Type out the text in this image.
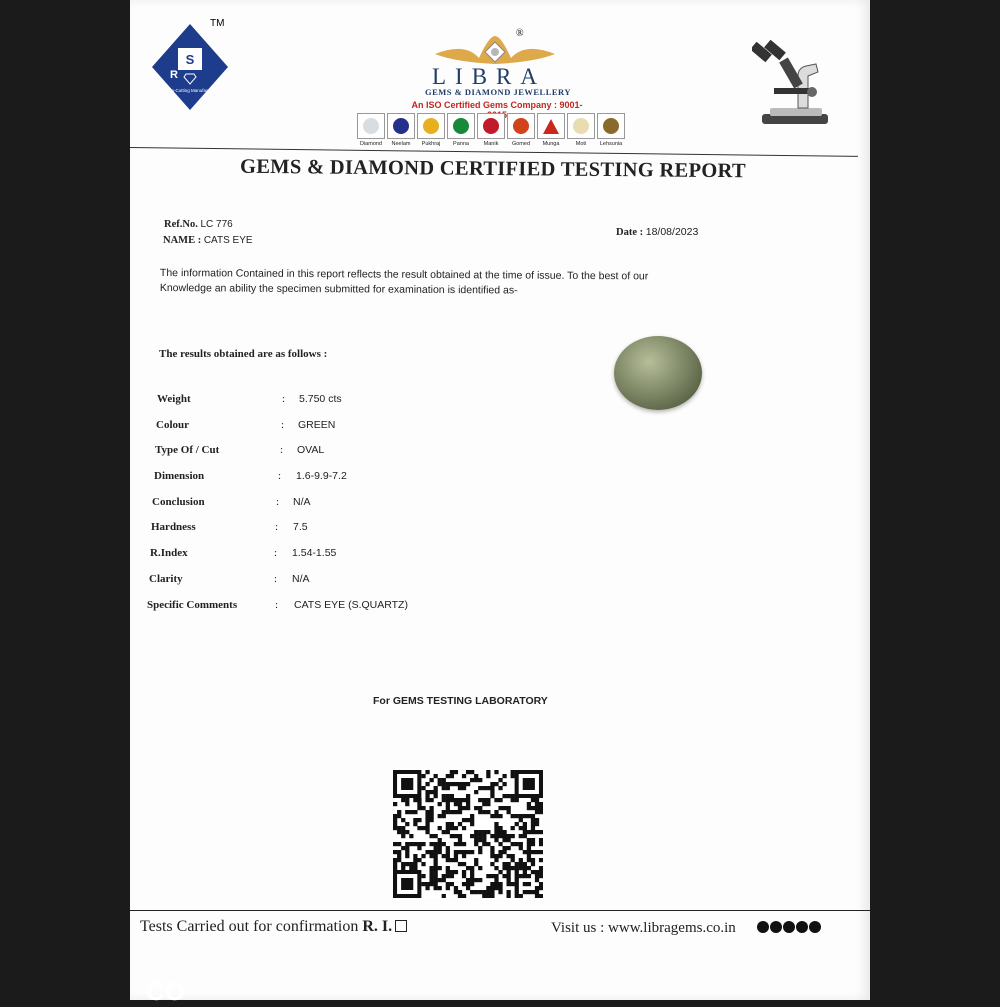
S
R
Gem-n-Cutting Manufacturers
TM
®
LIBRA
GEMS & DIAMOND JEWELLERY
An ISO Certified Gems Company : 9001-
Diamond	Neelam	Pukhraj	Panna	Manik	Gomed	Munga	Moti	Lehsunia
GEMS & DIAMOND CERTIFIED TESTING REPORT
Ref.No. LC 776
NAME : CATS EYE
Date : 18/08/2023
The information Contained in this report reflects the result obtained at the time of issue. To the best of our
Knowledge an ability the specimen submitted for examination is identified as-
The results obtained are as follows :
Weight	: 5.750 cts
Colour	: GREEN
Type Of / Cut	: OVAL
Dimension	: 1.6-9.9-7.2
Conclusion	: N/A
Hardness	: 7.5
R.Index	: 1.54-1.55
Clarity	: N/A
Specific Comments	: CATS EYE (S.QUARTZ)
For GEMS TESTING LABORATORY
Tests Carried out for confirmation R. I.	Visit us : www.libragems.co.in
CO
